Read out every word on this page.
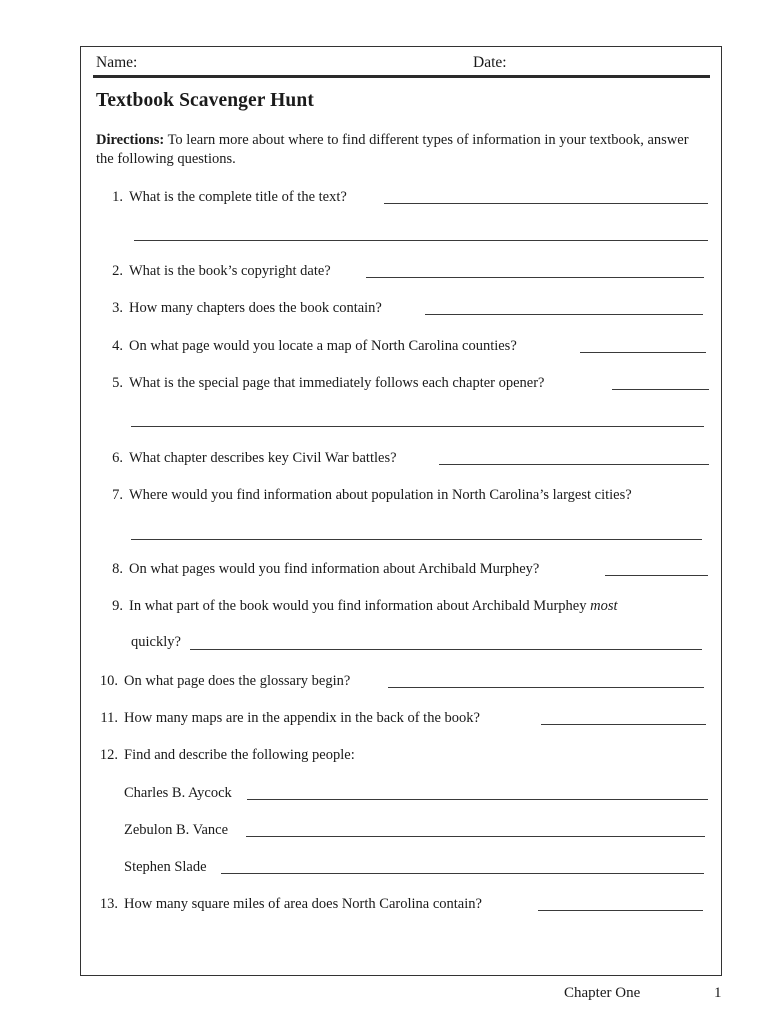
Name:	Date:
Textbook Scavenger Hunt
Directions: To learn more about where to find different types of information in your textbook, answer the following questions.
1. What is the complete title of the text?
2. What is the book’s copyright date?
3. How many chapters does the book contain?
4. On what page would you locate a map of North Carolina counties?
5. What is the special page that immediately follows each chapter opener?
6. What chapter describes key Civil War battles?
7. Where would you find information about population in North Carolina’s largest cities?
8. On what pages would you find information about Archibald Murphey?
9. In what part of the book would you find information about Archibald Murphey most
quickly?
10. On what page does the glossary begin?
11. How many maps are in the appendix in the back of the book?
12. Find and describe the following people:
Charles B. Aycock
Zebulon B. Vance
Stephen Slade
13. How many square miles of area does North Carolina contain?
Chapter One	1
